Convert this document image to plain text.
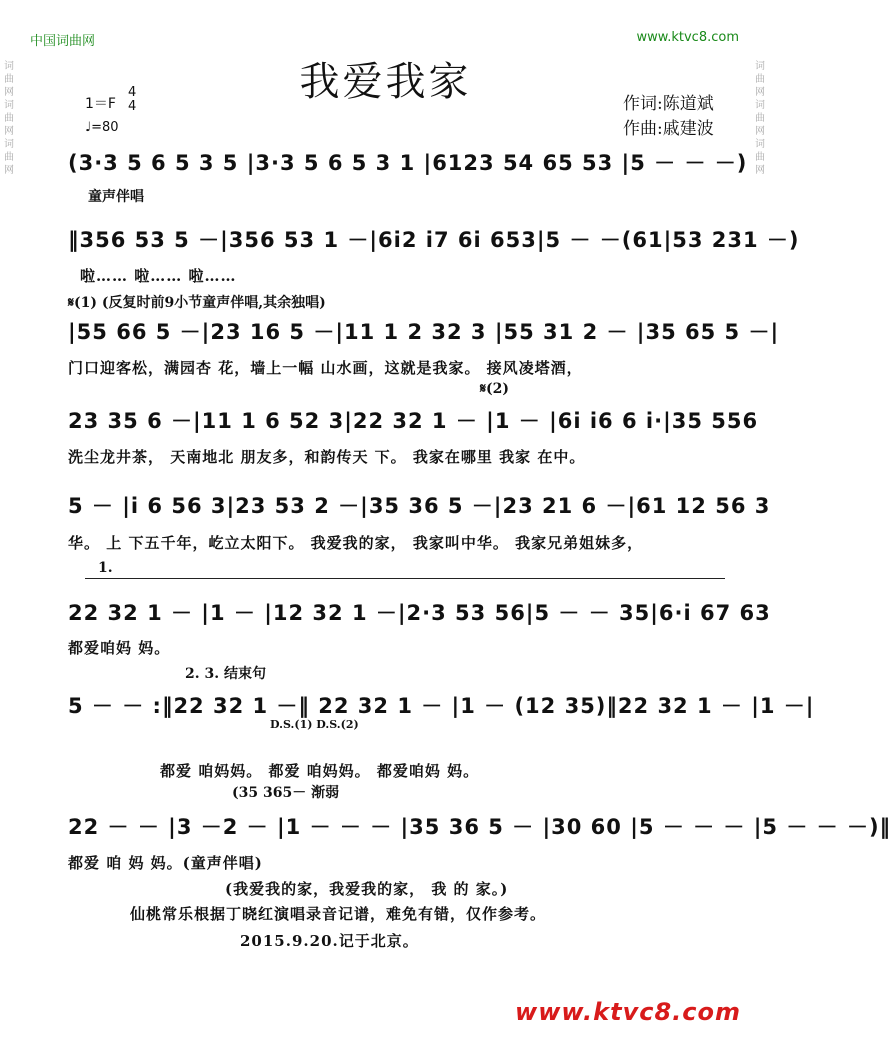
中国词曲网	www.ktvc8.com
我爱我家
1＝F
4
4
♩=80
作词:陈道斌
作曲:戚建波
(3·3 5 6 5 3 5 |3·3 5 6 5 3 1 |6123 54 65 53 |5 － － －)
童声伴唱
‖356 53 5 －|356 53 1 －|6i2 i7 6i 653|5 － －(61|53 231 －)
啦…… 啦…… 啦……
𝄋(1) (反复时前9小节童声伴唱,其余独唱)
|55 66 5 －|23 16 5 －|11 1 2 32 3 |55 31 2 － |35 65 5 －|
门口迎客松，满园杏 花，墙上一幅 山水画，这就是我家。 接风凌塔酒，
𝄋(2)
23 35 6 －|11 1 6 52 3|22 32 1 － |1 － |6i i6 6 i·|35 556
洗尘龙井茶， 天南地北 朋友多，和韵传天 下。 我家在哪里 我家 在中。
5 － |i 6 56 3|23 53 2 －|35 36 5 －|23 21 6 －|61 12 56 3
华。 上 下五千年，屹立太阳下。 我爱我的家， 我家叫中华。 我家兄弟姐妹多，
1.
22 32 1 － |1 － |12 32 1 －|2·3 53 56|5 － － 35|6·i 67 63
都爱咱妈 妈。
2. 3. 结束句
5 － － :‖22 32 1 －‖ 22 32 1 － |1 － (12 35)‖22 32 1 － |1 －|
D.S.(1) D.S.(2)
都爱 咱妈妈。 都爱 咱妈妈。 都爱咱妈 妈。
(35 365－ 渐弱
22 － － |3 －2 － |1 － － － |35 36 5 － |30 60 |5 － － － |5 － － －)‖
都爱 咱 妈 妈。(童声伴唱)
(我爱我的家，我爱我的家， 我 的 家。)
仙桃常乐根据丁晓红演唱录音记谱，难免有错，仅作参考。
2015.9.20.记于北京。
www.ktvc8.com
词曲网词曲网词曲网
词曲网词曲网词曲网
